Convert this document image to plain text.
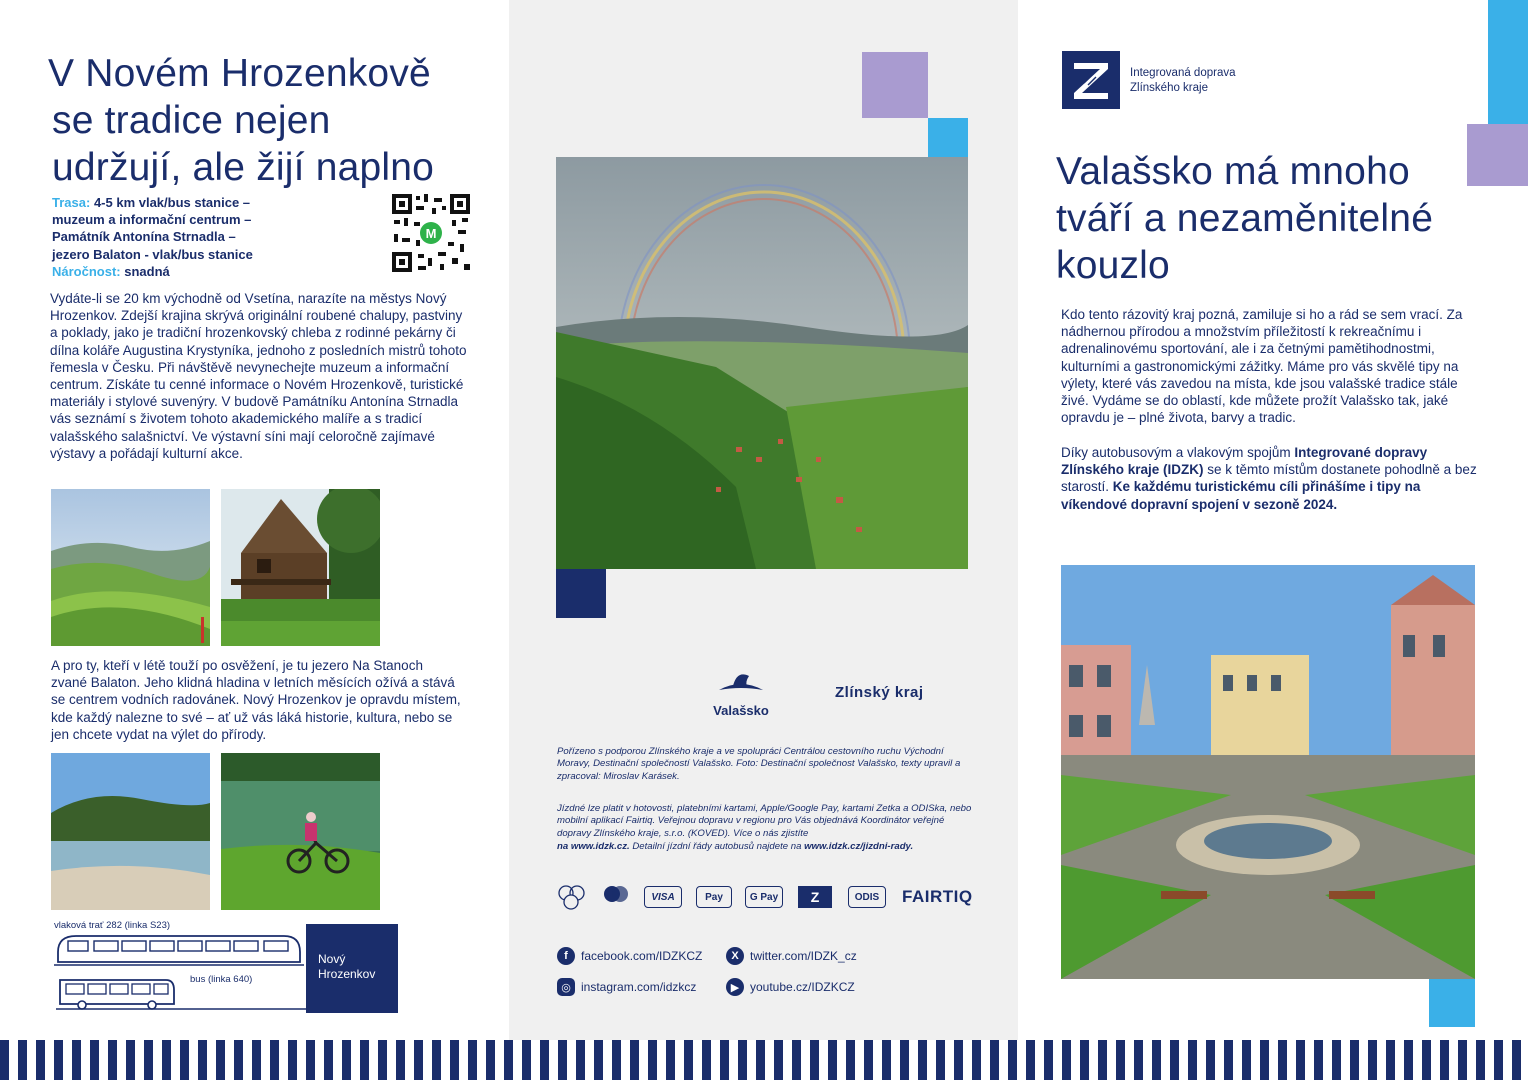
V Novém Hrozenkově
se tradice nejen
udržují, ale žijí naplno
Trasa: 4-5 km vlak/bus stanice –
muzeum a informační centrum –
Památník Antonína Strnadla –
jezero Balaton - vlak/bus stanice
Náročnost: snadná
M

Vydáte-li se 20 km východně od Vsetína, narazíte na městys Nový Hrozenkov. Zdejší krajina skrývá originální roubené chalupy, pastviny a poklady, jako je tradiční hrozenkovský chleba z rodinné pekárny či dílna koláře Augustina Krystyníka, jednoho z posledních mistrů tohoto řemesla v Česku. Při návštěvě nevynechejte muzeum a informační centrum. Získáte tu cenné informace o Novém Hrozenkově, turistické materiály i stylové suvenýry. V budově Památníku Antonína Strnadla vás seznámí s životem tohoto akademického malíře a s tradicí valašského salašnictví. Ve výstavní síni mají celoročně zajímavé výstavy a pořádají kulturní akce.

A pro ty, kteří v létě touží po osvěžení, je tu jezero Na Stanoch zvané Balaton. Jeho klidná hladina v letních měsících ožívá a stává se centrem vodních radovánek. Nový Hrozenkov je opravdu místem, kde každý nalezne to své – ať už vás láká historie, kultura, nebo se jen chcete vydat na výlet do přírody.

vlaková trať 282 (linka S23)
bus (linka 640)
Nový Hrozenkov
Valašsko
Zlínský kraj

Pořízeno s podporou Zlínského kraje a ve spolupráci Centrálou cestovního ruchu Východní Moravy, Destinační společností Valašsko. Foto: Destinační společnost Valašsko, texty upravil a zpracoval: Miroslav Karásek.

Jízdné lze platit v hotovosti, platebními kartami, Apple/Google Pay, kartami Zetka a ODISka, nebo mobilní aplikací Fairtiq. Veřejnou dopravu v regionu pro Vás objednává Koordinátor veřejné dopravy Zlínského kraje, s.r.o. (KOVED). Více o nás zjistíte

na www.idzk.cz. Detailní jízdní řády autobusů najdete na www.idzk.cz/jizdni-rady.

VISA	Pay	G Pay	Z	ODIS	FAIRTIQ
f	facebook.com/IDZKCZ	X twitter.com/IDZK_cz
◎ instagram.com/idzkcz	▶ youtube.cz/IDZKCZ
Integrovaná doprava
Zlínského kraje
Valašsko má mnoho
tváří a nezaměnitelné
kouzlo

Kdo tento rázovitý kraj pozná, zamiluje si ho a rád se sem vrací. Za nádhernou přírodou a množstvím příležitostí k rekreačnímu i adrenalinovému sportování, ale i za četnými pamětihodnostmi, kulturními a gastronomickými zážitky. Máme pro vás skvělé tipy na výlety, které vás zavedou na místa, kde jsou valašské tradice stále živé. Vydáme se do oblastí, kde můžete prožít Valašsko tak, jaké opravdu je – plné života, barvy a tradic.

Díky autobusovým a vlakovým spojům Integrované dopravy Zlínského kraje (IDZK) se k těmto místům dostanete pohodlně a bez starostí. Ke každému turistickému cíli přinášíme i tipy na víkendové dopravní spojení v sezoně 2024.
